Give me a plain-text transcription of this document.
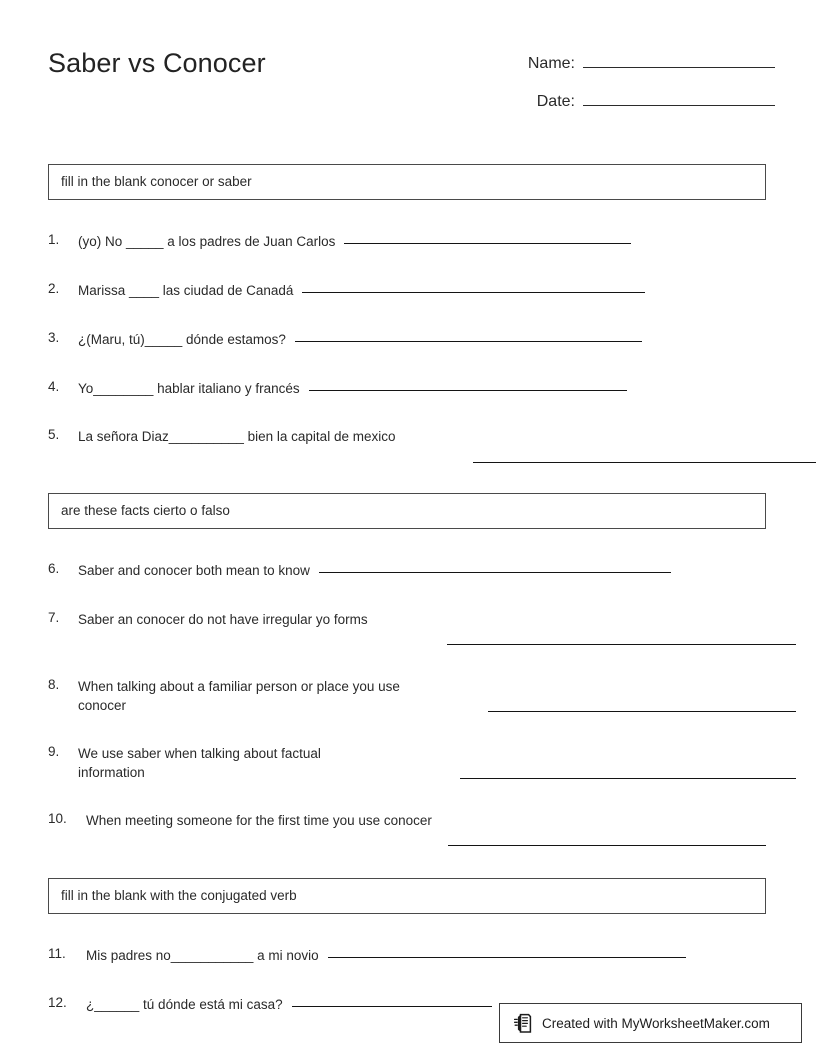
Saber vs Conocer	Name:
Date:
fill in the blank conocer or saber
1.	(yo) No _____ a los padres de Juan Carlos
2.	Marissa ____ las ciudad de Canadá
3.	¿(Maru, tú)_____ dónde estamos?
4.	Yo________ hablar italiano y francés
5.	La señora Diaz__________ bien la capital de mexico
are these facts cierto o falso
6.	Saber and conocer both mean to know
7.	Saber an conocer do not have irregular yo forms
8.	When talking about a familiar person or place you use conocer
9.	We use saber when talking about factual information
10.	When meeting someone for the first time you use conocer
fill in the blank with the conjugated verb
11.	Mis padres no___________ a mi novio
12.	¿______ tú dónde está mi casa?
Created with MyWorksheetMaker.com
